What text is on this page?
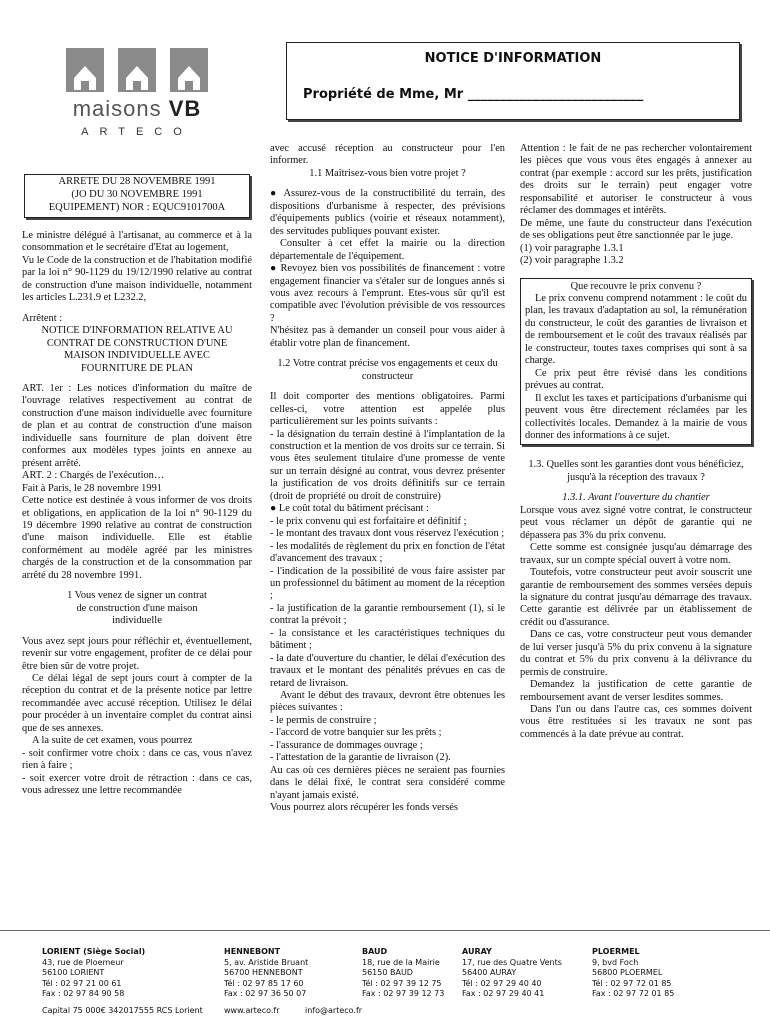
maisons VB
ARTECO
NOTICE D'INFORMATION
Propriété de Mme, Mr ___________________________
ARRETE DU 28 NOVEMBRE 1991
(JO DU 30 NOVEMBRE 1991
EQUIPEMENT) NOR : EQUC9101700A

Le ministre délégué à l'artisanat, au commerce et à la consommation et le secrétaire d'Etat au logement,

Vu le Code de la construction et de l'habitation modifié par la loi n° 90-1129 du 19/12/1990 relative au contrat de construction d'une maison individuelle, notamment les articles L.231.9 et L232.2,

Arrêtent :

NOTICE D'INFORMATION RELATIVE AU CONTRAT DE CONSTRUCTION D'UNE MAISON INDIVIDUELLE AVEC FOURNITURE DE PLAN

ART. 1er : Les notices d'information du maître de l'ouvrage relatives respectivement au contrat de construction d'une maison individuelle avec fourniture de plan et au contrat de construction d'une maison individuelle sans fourniture de plan doivent être conformes aux modèles types joints en annexe au présent arrêté.

ART. 2 : Chargés de l'exécution…

Fait à Paris, le 28 novembre 1991

Cette notice est destinée à vous informer de vos droits et obligations, en application de la loi n° 90-1129 du 19 décembre 1990 relative au contrat de construction d'une maison individuelle. Elle est établie conformément au modèle agréé par les ministres chargés de la construction et de la consommation par arrêté du 28 novembre 1991.

1 Vous venez de signer un contrat de construction d'une maison individuelle

Vous avez sept jours pour réfléchir et, éventuellement, revenir sur votre engagement, profiter de ce délai pour être bien sûr de votre projet.

Ce délai légal de sept jours court à compter de la réception du contrat et de la présente notice par lettre recommandée avec accusé réception. Utilisez le délai pour procéder à un inventaire complet du contrat ainsi que de ses annexes.

A la suite de cet examen, vous pourrez

- soit confirmer votre choix : dans ce cas, vous n'avez rien à faire ;

- soit exercer votre droit de rétraction : dans ce cas, vous adressez une lettre recommandée

avec accusé réception au constructeur pour l'en informer.

1.1 Maîtrisez-vous bien votre projet ?

● Assurez-vous de la constructibilité du terrain, des dispositions d'urbanisme à respecter, des prévisions d'équipements publics (voirie et réseaux notamment), des servitudes publiques pouvant exister.

Consulter à cet effet la mairie ou la direction départementale de l'équipement.

● Revoyez bien vos possibilités de financement : votre engagement financier va s'étaler sur de longues annés si vous avez recours à l'emprunt. Etes-vous sûr qu'il est compatible avec l'évolution prévisible de vos ressources ?

N'hésitez pas à demander un conseil pour vous aider à établir votre plan de financement.

1.2 Votre contrat précise vos engagements et ceux du constructeur

Il doit comporter des mentions obligatoires. Parmi celles-ci, votre attention est appelée plus particulièrement sur les points suivants :

- la désignation du terrain destiné à l'implantation de la construction et la mention de vos droits sur ce terrain. Si vous êtes seulement titulaire d'une promesse de vente sur un terrain désigné au contrat, vous devrez présenter la justification de vos droits définitifs sur ce terrain (droit de propriété ou droit de construire)

● Le coût total du bâtiment précisant :

- le prix convenu qui est forfaitaire et définitif ;

- le montant des travaux dont vous réservez l'exécution ;

- les modalités de règlement du prix en fonction de l'état d'avancement des travaux ;

- l'indication de la possibilité de vous faire assister par un professionnel du bâtiment au moment de la réception ;

- la justification de la garantie remboursement (1), si le contrat la prévoit ;

- la consistance et les caractéristiques techniques du bâtiment ;

- la date d'ouverture du chantier, le délai d'exécution des travaux et le montant des pénalités prévues en cas de retard de livraison.

Avant le début des travaux, devront être obtenues les pièces suivantes :

- le permis de construire ;

- l'accord de votre banquier sur les prêts ;

- l'assurance de dommages ouvrage ;

- l'attestation de la garantie de livraison (2).

Au cas où ces dernières pièces ne seraient pas fournies dans le délai fixé, le contrat sera considéré comme n'ayant jamais existé.

Vous pourrez alors récupérer les fonds versés

Attention : le fait de ne pas rechercher volontairement les pièces que vous vous êtes engagés à annexer au contrat (par exemple : accord sur les prêts, justification des droits sur le terrain) peut engager votre responsabilité et autoriser le constructeur à vous réclamer des dommages et intérêts.

De même, une faute du constructeur dans l'exécution de ses obligations peut être sanctionnée par le juge.

(1) voir paragraphe 1.3.1

(2) voir paragraphe 1.3.2

Que recouvre le prix convenu ?

Le prix convenu comprend notamment : le coût du plan, les travaux d'adaptation au sol, la rémunération du constructeur, le coût des garanties de livraison et de remboursement et le coût des travaux réalisés par le constructeur, toutes taxes comprises qui sont à sa charge.

Ce prix peut être révisé dans les conditions prévues au contrat.

Il exclut les taxes et participations d'urbanisme qui peuvent vous être directement réclamées par les collectivités locales. Demandez à la mairie de vous donner des informations à ce sujet.

1.3. Quelles sont les garanties dont vous bénéficiez, jusqu'à la réception des travaux ?

1.3.1. Avant l'ouverture du chantier

Lorsque vous avez signé votre contrat, le constructeur peut vous réclamer un dépôt de garantie qui ne dépassera pas 3% du prix convenu.

Cette somme est consignée jusqu'au démarrage des travaux, sur un compte spécial ouvert à votre nom.

Toutefois, votre constructeur peut avoir souscrit une garantie de remboursement des sommes versées depuis la signature du contrat jusqu'au démarrage des travaux. Cette garantie est délivrée par un établissement de crédit ou d'assurance.

Dans ce cas, votre constructeur peut vous demander de lui verser jusqu'à 5% du prix convenu à la signature du contrat et 5% du prix convenu à la délivrance du permis de construire.

Demandez la justification de cette garantie de remboursement avant de verser lesdites sommes.

Dans l'un ou dans l'autre cas, ces sommes doivent vous être restituées si les travaux ne sont pas commencés à la date prévue au contrat.

LORIENT (Siège Social)
43, rue de Ploemeur
56100 LORIENT
Tél : 02 97 21 00 61
Fax : 02 97 84 90 58
HENNEBONT
5, av. Aristide Bruant
56700 HENNEBONT
Tél : 02 97 85 17 60
Fax : 02 97 36 50 07
BAUD
18, rue de la Mairie
56150 BAUD
Tél : 02 97 39 12 75
Fax : 02 97 39 12 73
AURAY
17, rue des Quatre Vents
56400 AURAY
Tél : 02 97 29 40 40
Fax : 02 97 29 40 41
PLOERMEL
9, bvd Foch
56800 PLOERMEL
Tél : 02 97 72 01 85
Fax : 02 97 72 01 85
Capital 75 000€ 342017555 RCS Lorient	www.arteco.fr	info@arteco.fr
